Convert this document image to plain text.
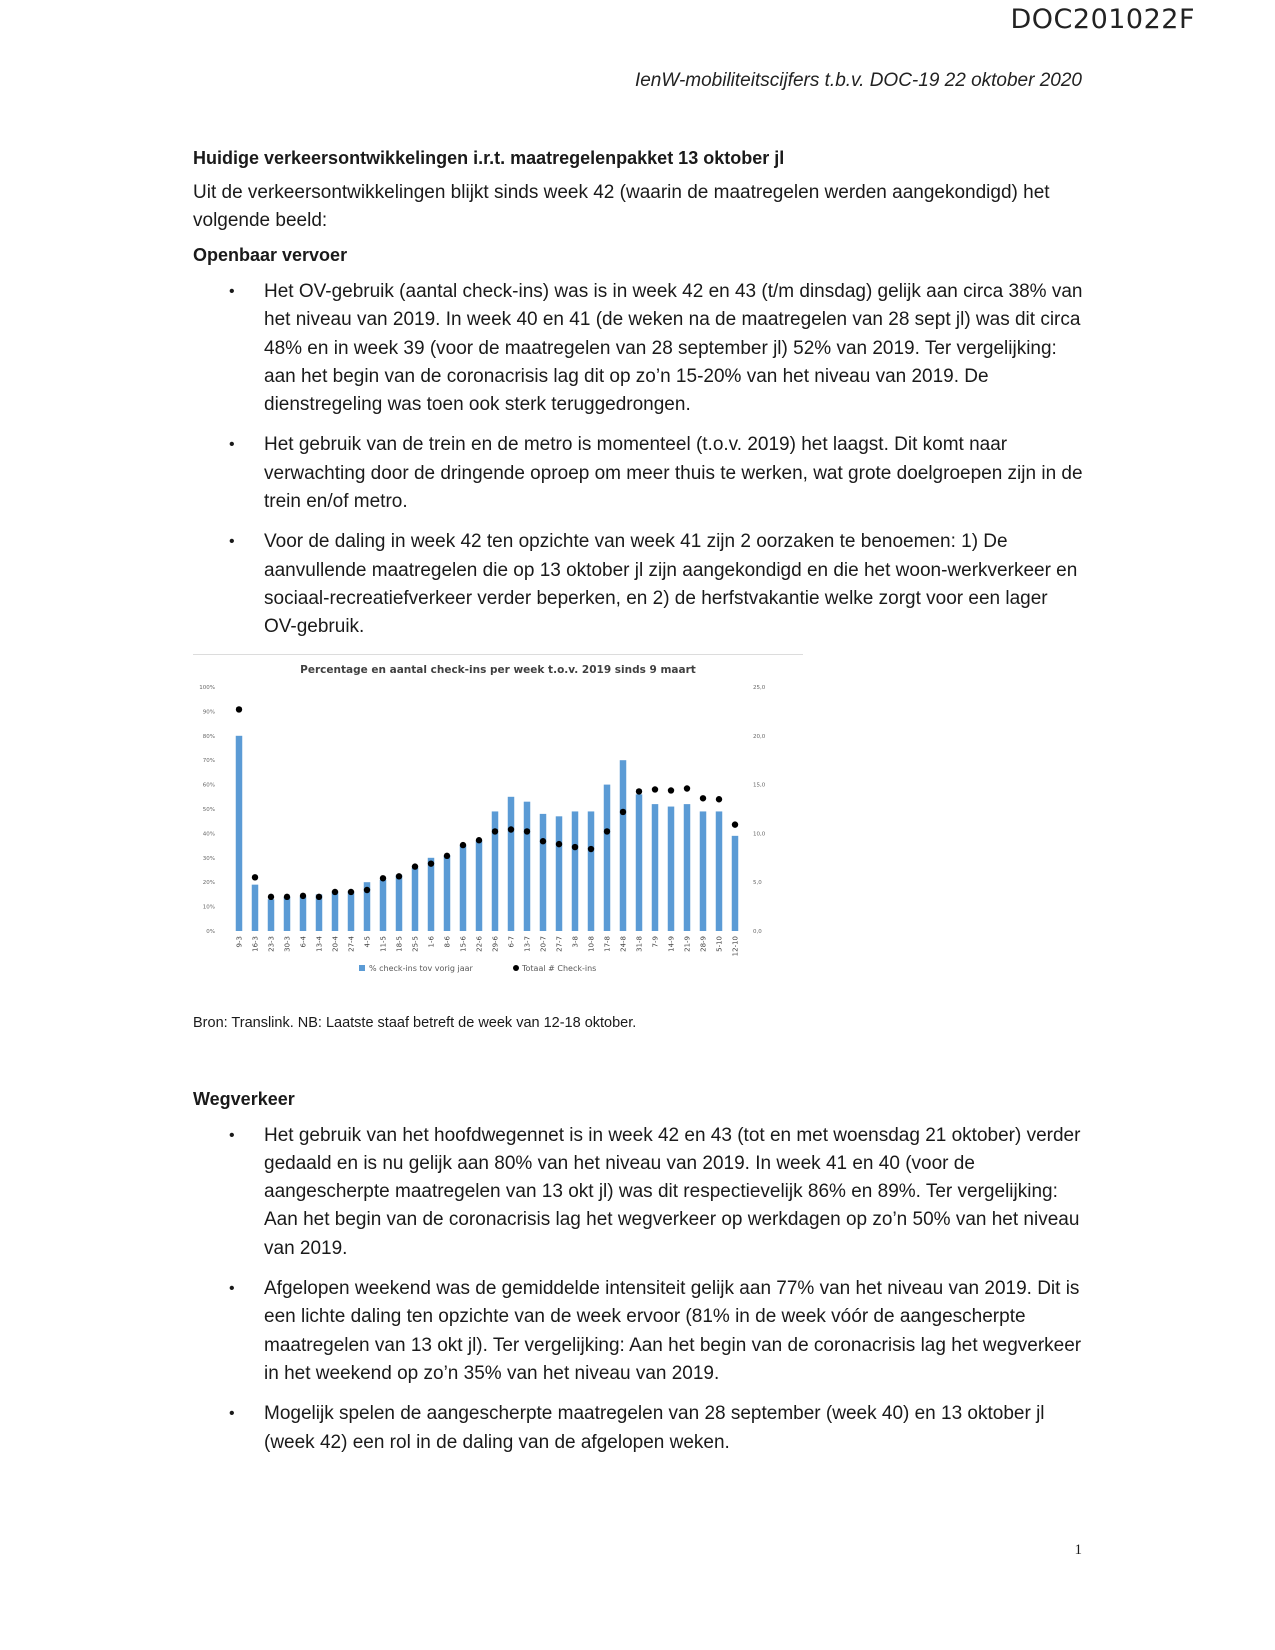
DOC201022F
IenW-mobiliteitscijfers t.b.v. DOC-19 22 oktober 2020

Huidige verkeersontwikkelingen i.r.t. maatregelenpakket 13 oktober jl

Uit de verkeersontwikkelingen blijkt sinds week 42 (waarin de maatregelen werden aangekondigd) het volgende beeld:

Openbaar vervoer

• Het OV-gebruik (aantal check-ins) was is in week 42 en 43 (t/m dinsdag) gelijk aan circa 38% van het niveau van 2019. In week 40 en 41 (de weken na de maatregelen van 28 sept jl) was dit circa 48% en in week 39 (voor de maatregelen van 28 september jl) 52% van 2019. Ter vergelijking: aan het begin van de coronacrisis lag dit op zo’n 15-20% van het niveau van 2019. De dienstregeling was toen ook sterk teruggedrongen.
• Het gebruik van de trein en de metro is momenteel (t.o.v. 2019) het laagst. Dit komt naar verwachting door de dringende oproep om meer thuis te werken, wat grote doelgroepen zijn in de trein en/of metro.
• Voor de daling in week 42 ten opzichte van week 41 zijn 2 oorzaken te benoemen: 1) De aanvullende maatregelen die op 13 oktober jl zijn aangekondigd en die het woon-werkverkeer en sociaal-recreatiefverkeer verder beperken, en 2) de herfstvakantie welke zorgt voor een lager OV-gebruik.
Percentage en aantal check-ins per week t.o.v. 2019 sinds 9 maart
0%
10%
20%
30%
40%
50%
60%
70%
80%
90%
100%
0,0
5,0
10,0
15,0
20,0
25,0
9-3 16-3 23-3 30-3 6-4 13-4 20-4 27-4 4-5 11-5 18-5 25-5 1-6 8-6 15-6 22-6 29-6 6-7 13-7 20-7 27-7 3-8 10-8 17-8 24-8 31-8 7-9 14-9 21-9 28-9 5-10 12-10
% check-ins tov vorig jaar	Totaal # Check-ins

Bron: Translink. NB: Laatste staaf betreft de week van 12-18 oktober.

Wegverkeer

• Het gebruik van het hoofdwegennet is in week 42 en 43 (tot en met woensdag 21 oktober) verder gedaald en is nu gelijk aan 80% van het niveau van 2019. In week 41 en 40 (voor de aangescherpte maatregelen van 13 okt jl) was dit respectievelijk 86% en 89%. Ter vergelijking: Aan het begin van de coronacrisis lag het wegverkeer op werkdagen op zo’n 50% van het niveau van 2019.
• Afgelopen weekend was de gemiddelde intensiteit gelijk aan 77% van het niveau van 2019. Dit is een lichte daling ten opzichte van de week ervoor (81% in de week vóór de aangescherpte maatregelen van 13 okt jl). Ter vergelijking: Aan het begin van de coronacrisis lag het wegverkeer in het weekend op zo’n 35% van het niveau van 2019.
• Mogelijk spelen de aangescherpte maatregelen van 28 september (week 40) en 13 oktober jl (week 42) een rol in de daling van de afgelopen weken.
1
